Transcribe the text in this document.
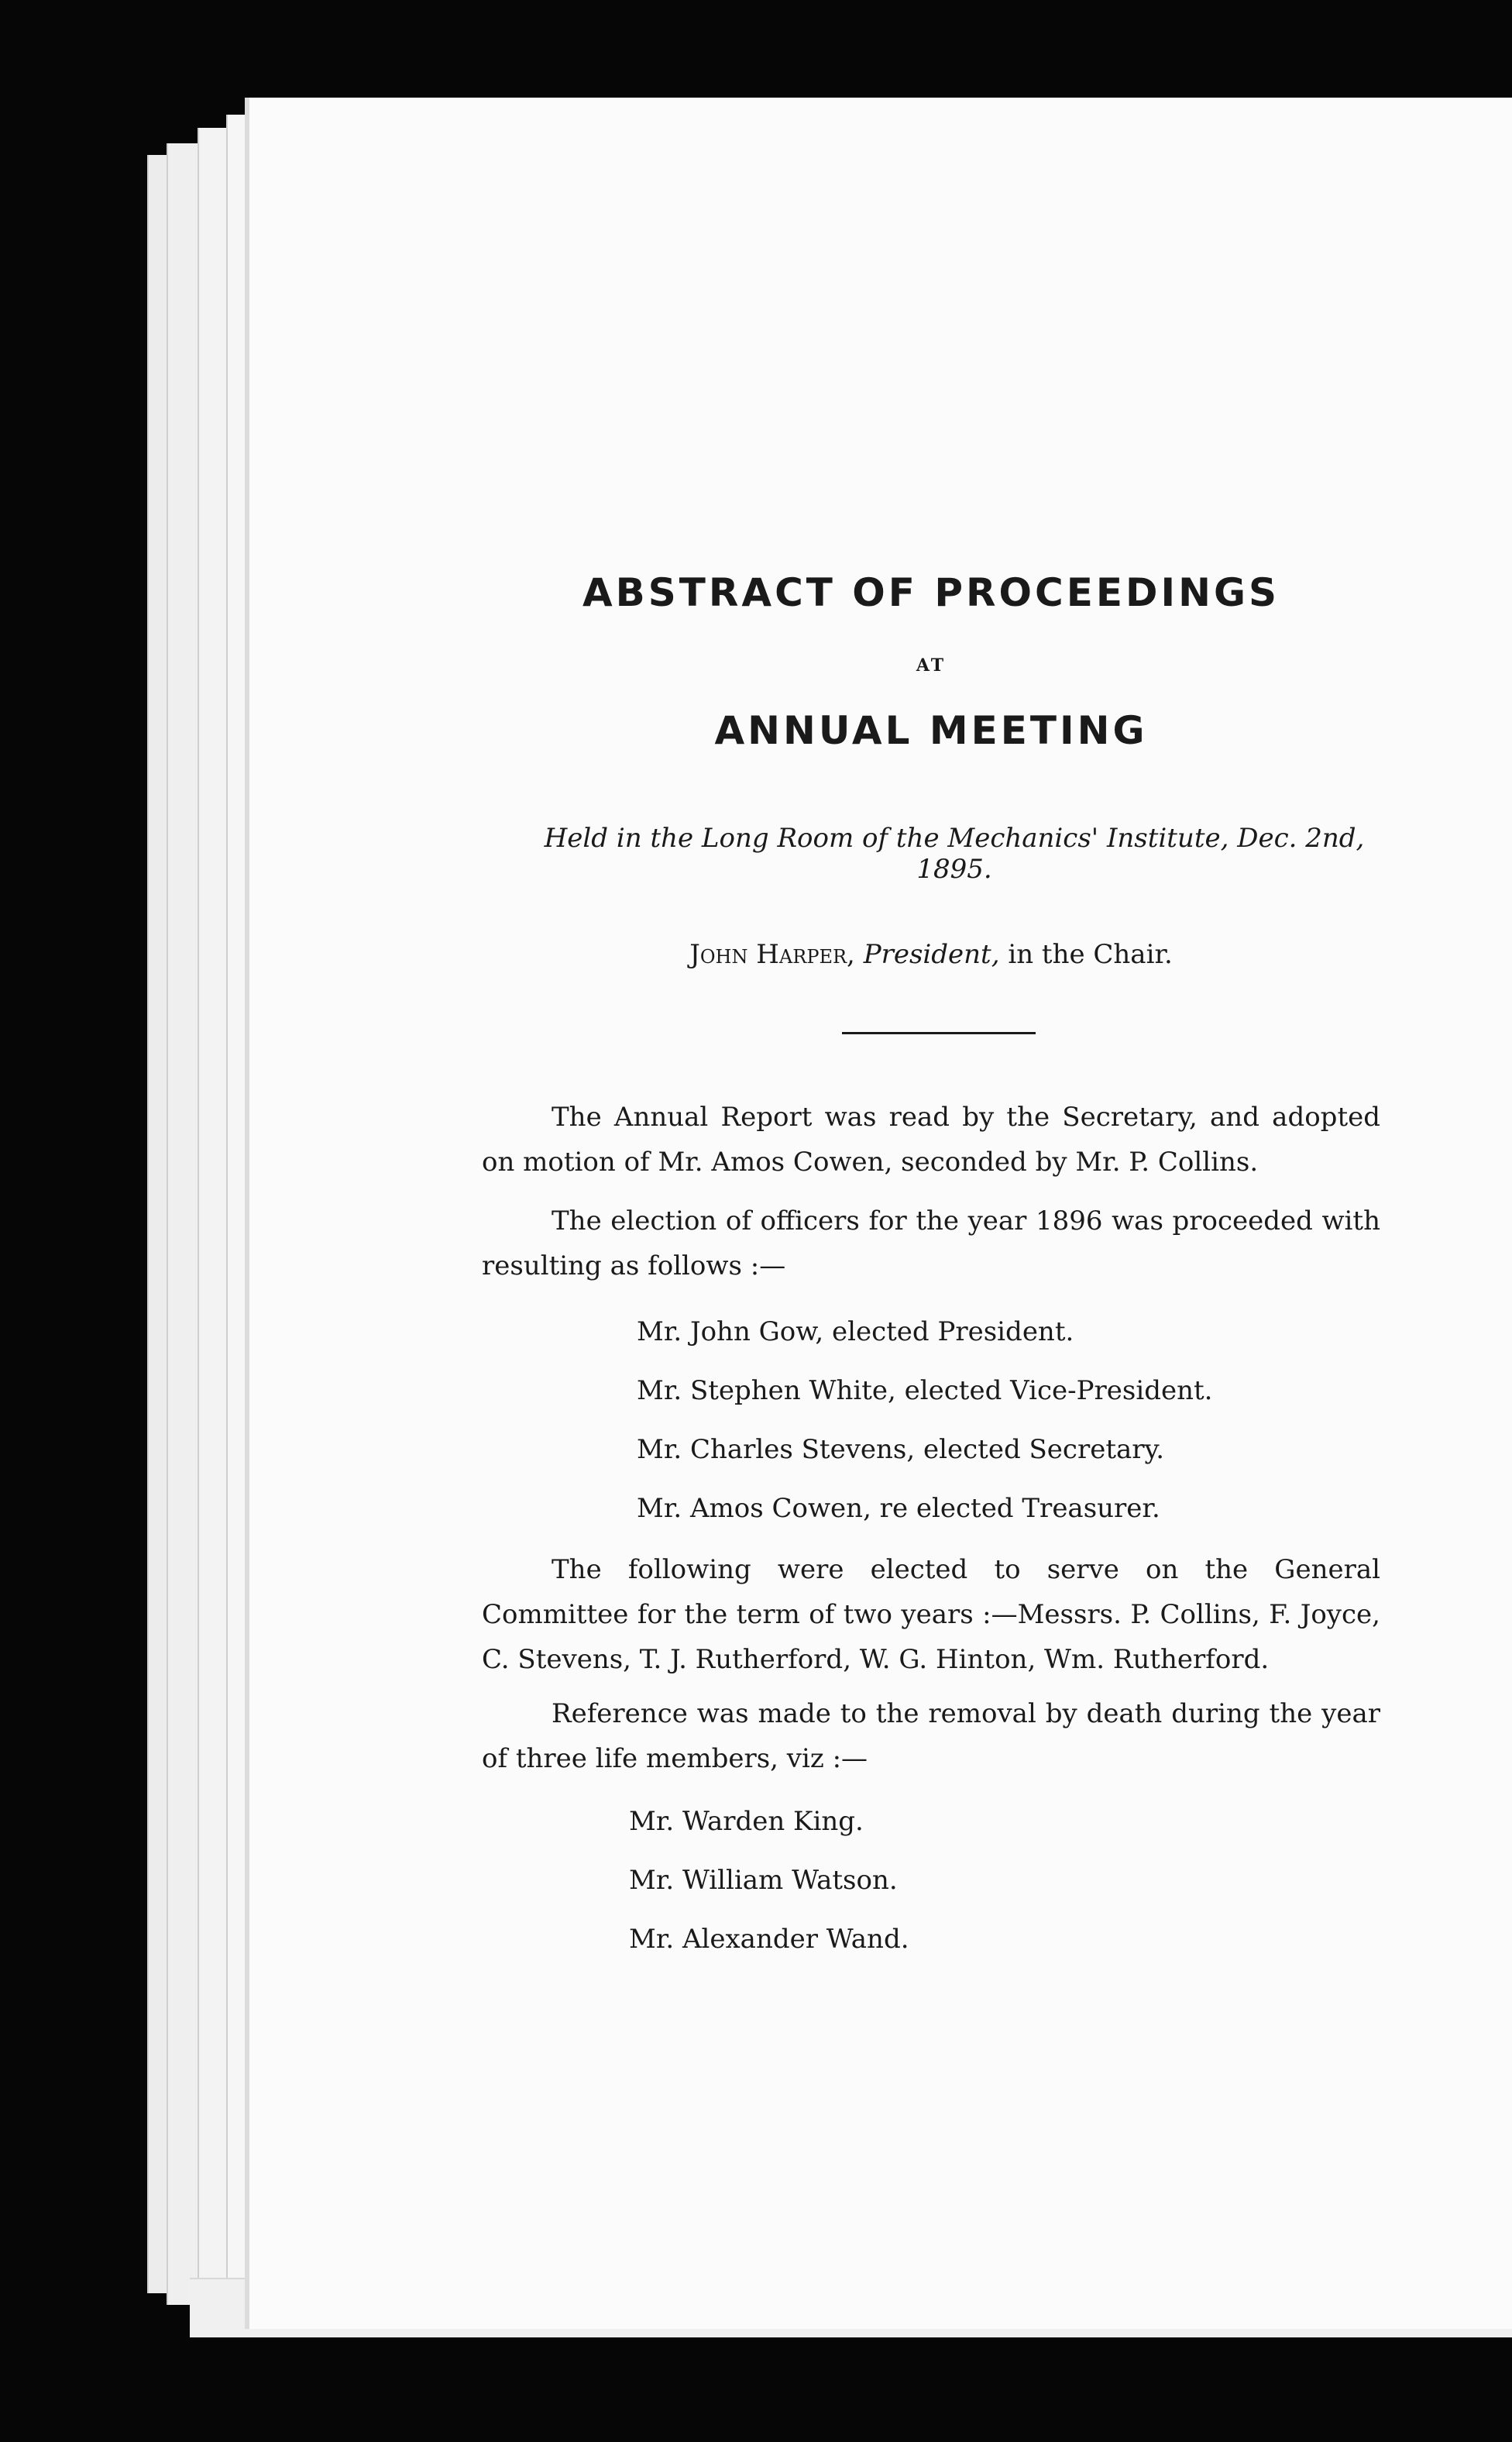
ABSTRACT OF PROCEEDINGS
AT
ANNUAL MEETING

Held in the Long Room of the Mechanics' Institute, Dec. 2nd, 1895.

John Harper, President, in the Chair.

The Annual Report was read by the Secretary, and adopted on motion of Mr. Amos Cowen, seconded by Mr. P. Collins.

The election of officers for the year 1896 was proceeded with resulting as follows :—

Mr. John Gow, elected President.
Mr. Stephen White, elected Vice-President.
Mr. Charles Stevens, elected Secretary.
Mr. Amos Cowen, re elected Treasurer.

The following were elected to serve on the General Committee for the term of two years :—Messrs. P. Collins, F. Joyce, C. Stevens, T. J. Rutherford, W. G. Hinton, Wm. Rutherford.

Reference was made to the removal by death during the year of three life members, viz :—

Mr. Warden King.
Mr. William Watson.
Mr. Alexander Wand.
